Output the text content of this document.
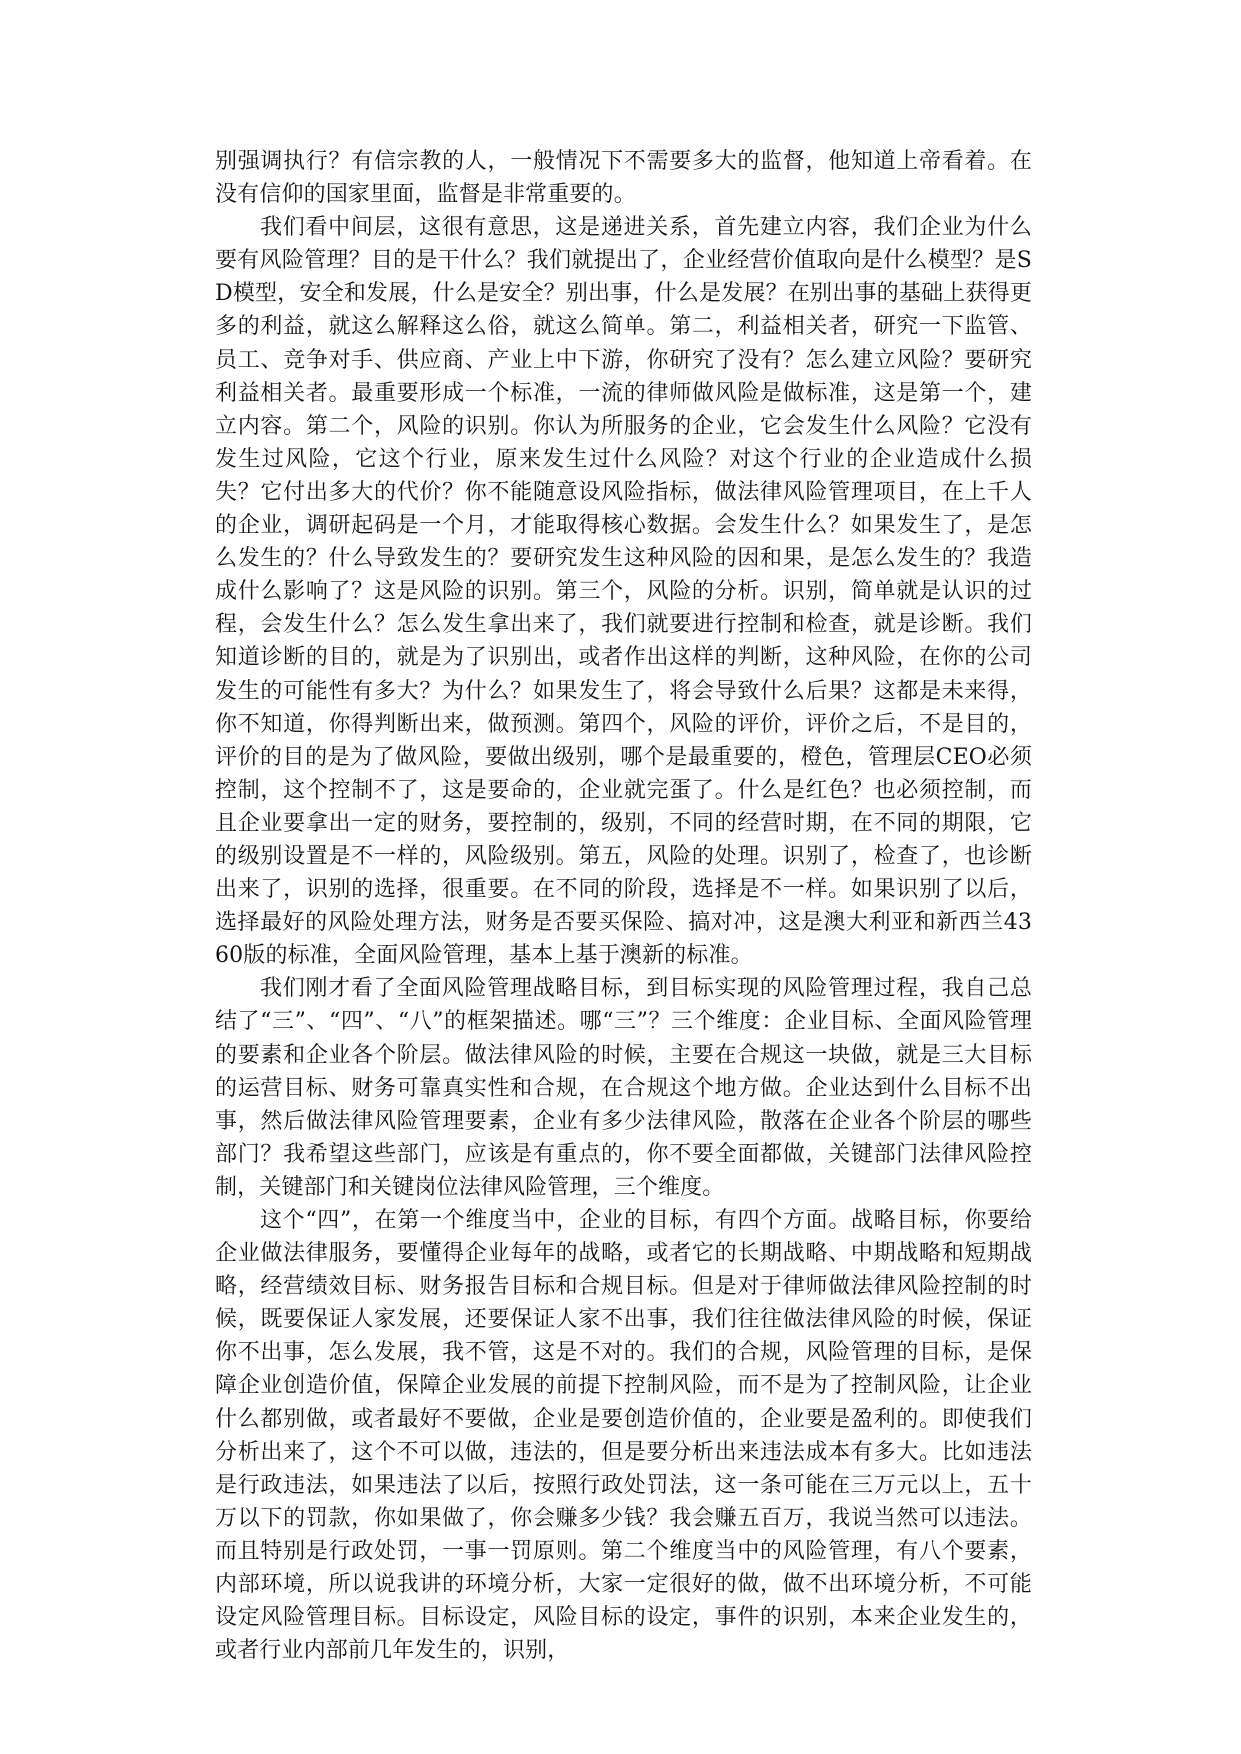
别强调执行？有信宗教的人，一般情况下不需要多大的监督，他知道上帝看着。在没有信仰的国家里面，监督是非常重要的。

我们看中间层，这很有意思，这是递进关系，首先建立内容，我们企业为什么要有风险管理？目的是干什么？我们就提出了，企业经营价值取向是什么模型？是SD模型，安全和发展，什么是安全？别出事，什么是发展？在别出事的基础上获得更多的利益，就这么解释这么俗，就这么简单。第二，利益相关者，研究一下监管、员工、竞争对手、供应商、产业上中下游，你研究了没有？怎么建立风险？要研究利益相关者。最重要形成一个标准，一流的律师做风险是做标准，这是第一个，建立内容。第二个，风险的识别。你认为所服务的企业，它会发生什么风险？它没有发生过风险，它这个行业，原来发生过什么风险？对这个行业的企业造成什么损失？它付出多大的代价？你不能随意设风险指标，做法律风险管理项目，在上千人的企业，调研起码是一个月，才能取得核心数据。会发生什么？如果发生了，是怎么发生的？什么导致发生的？要研究发生这种风险的因和果，是怎么发生的？我造成什么影响了？这是风险的识别。第三个，风险的分析。识别，简单就是认识的过程，会发生什么？怎么发生拿出来了，我们就要进行控制和检查，就是诊断。我们知道诊断的目的，就是为了识别出，或者作出这样的判断，这种风险，在你的公司发生的可能性有多大？为什么？如果发生了，将会导致什么后果？这都是未来得，你不知道，你得判断出来，做预测。第四个，风险的评价，评价之后，不是目的，评价的目的是为了做风险，要做出级别，哪个是最重要的，橙色，管理层CEO必须控制，这个控制不了，这是要命的，企业就完蛋了。什么是红色？也必须控制，而且企业要拿出一定的财务，要控制的，级别，不同的经营时期，在不同的期限，它的级别设置是不一样的，风险级别。第五，风险的处理。识别了，检查了，也诊断出来了，识别的选择，很重要。在不同的阶段，选择是不一样。如果识别了以后，选择最好的风险处理方法，财务是否要买保险、搞对冲，这是澳大利亚和新西兰4360版的标准，全面风险管理，基本上基于澳新的标准。

我们刚才看了全面风险管理战略目标，到目标实现的风险管理过程，我自己总结了“三”、“四”、“八”的框架描述。哪“三”？三个维度：企业目标、全面风险管理的要素和企业各个阶层。做法律风险的时候，主要在合规这一块做，就是三大目标的运营目标、财务可靠真实性和合规，在合规这个地方做。企业达到什么目标不出事，然后做法律风险管理要素，企业有多少法律风险，散落在企业各个阶层的哪些部门？我希望这些部门，应该是有重点的，你不要全面都做，关键部门法律风险控制，关键部门和关键岗位法律风险管理，三个维度。

这个“四”，在第一个维度当中，企业的目标，有四个方面。战略目标，你要给企业做法律服务，要懂得企业每年的战略，或者它的长期战略、中期战略和短期战略，经营绩效目标、财务报告目标和合规目标。但是对于律师做法律风险控制的时候，既要保证人家发展，还要保证人家不出事，我们往往做法律风险的时候，保证你不出事，怎么发展，我不管，这是不对的。我们的合规，风险管理的目标，是保障企业创造价值，保障企业发展的前提下控制风险，而不是为了控制风险，让企业什么都别做，或者最好不要做，企业是要创造价值的，企业要是盈利的。即使我们分析出来了，这个不可以做，违法的，但是要分析出来违法成本有多大。比如违法是行政违法，如果违法了以后，按照行政处罚法，这一条可能在三万元以上，五十万以下的罚款，你如果做了，你会赚多少钱？我会赚五百万，我说当然可以违法。而且特别是行政处罚，一事一罚原则。第二个维度当中的风险管理，有八个要素，内部环境，所以说我讲的环境分析，大家一定很好的做，做不出环境分析，不可能设定风险管理目标。目标设定，风险目标的设定，事件的识别，本来企业发生的，或者行业内部前几年发生的，识别，
